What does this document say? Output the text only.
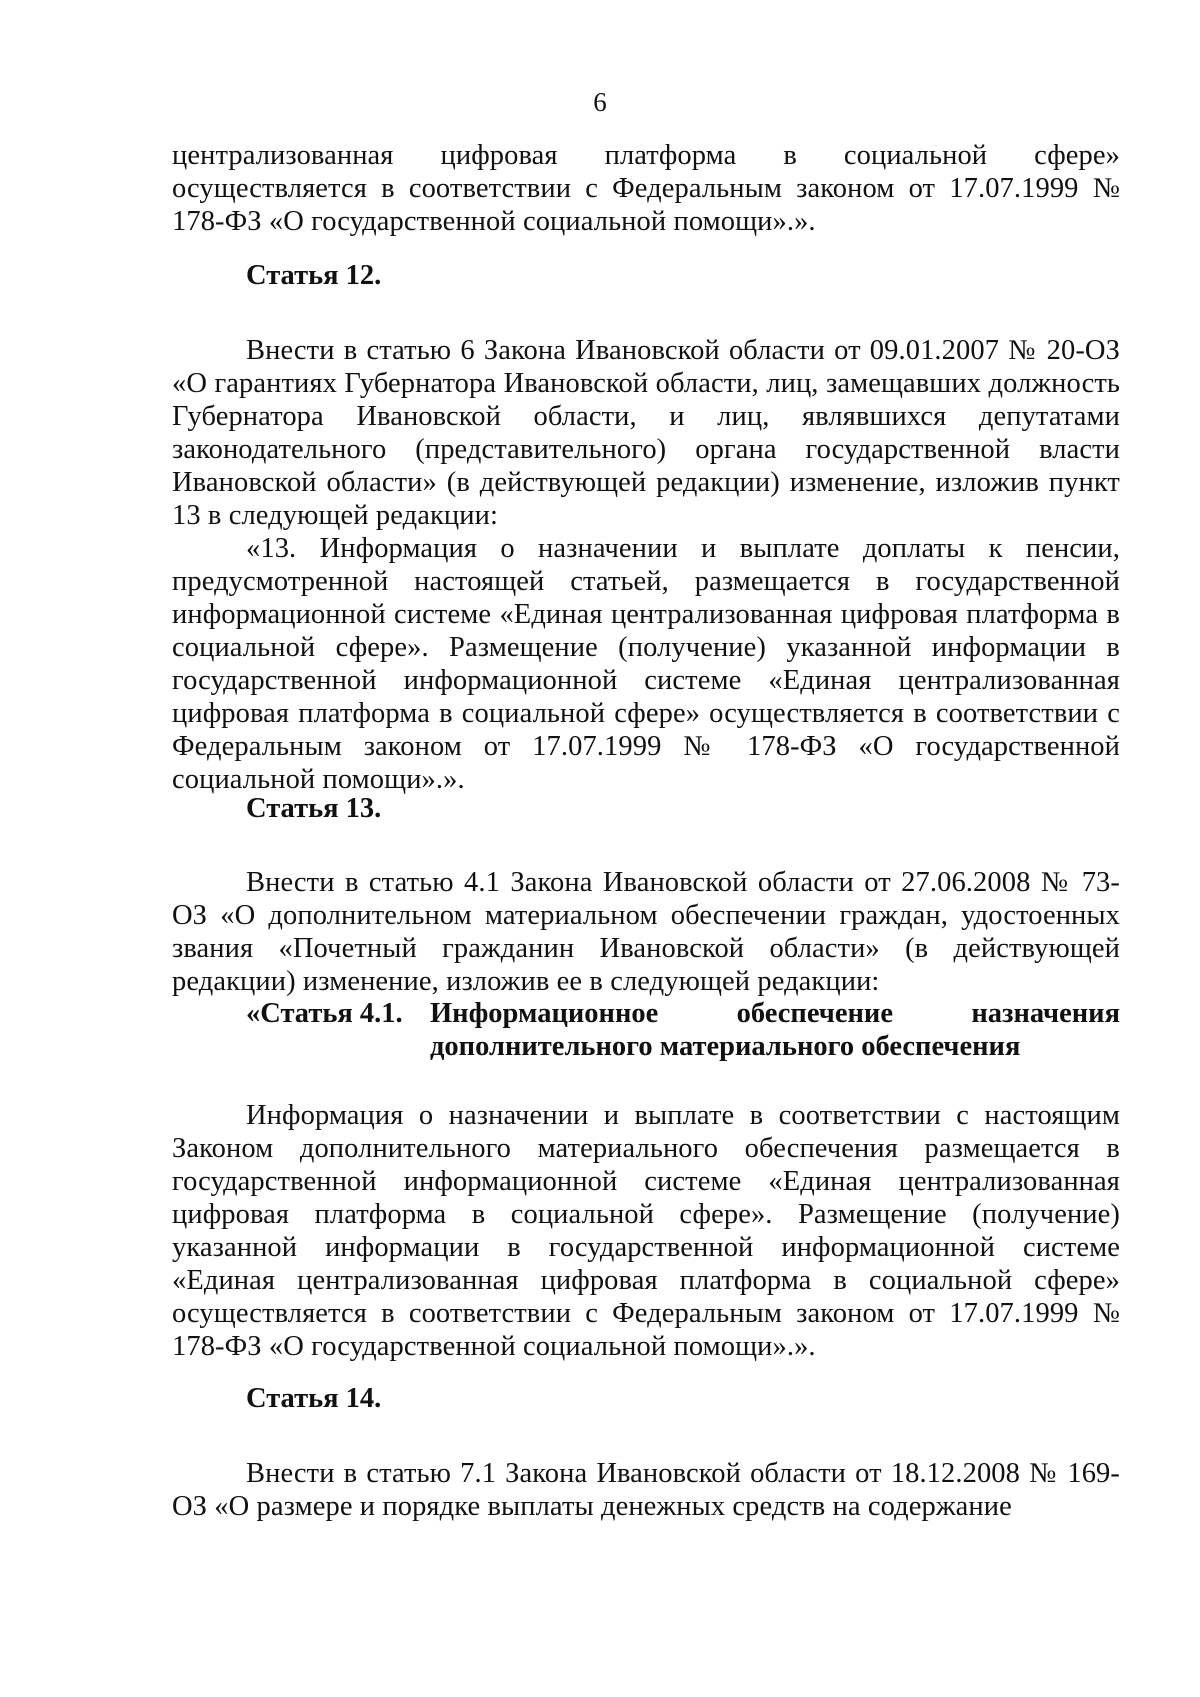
6

централизованная цифровая платформа в социальной сфере» осуществляется в соответствии с Федеральным законом от 17.07.1999 № 178-ФЗ «О государственной социальной помощи».».

Статья 12.

Внести в статью 6 Закона Ивановской области от 09.01.2007 № 20-ОЗ «О гарантиях Губернатора Ивановской области, лиц, замещавших должность Губернатора Ивановской области, и лиц, являвшихся депутатами законодательного (представительного) органа государственной власти Ивановской области» (в действующей редакции) изменение, изложив пункт 13 в следующей редакции:

«13. Информация о назначении и выплате доплаты к пенсии, предусмотренной настоящей статьей, размещается в государственной информационной системе «Единая централизованная цифровая платформа в социальной сфере». Размещение (получение) указанной информации в государственной информационной системе «Единая централизованная цифровая платформа в социальной сфере» осуществляется в соответствии с Федеральным законом от 17.07.1999 № 178-ФЗ «О государственной социальной помощи».».

Статья 13.

Внести в статью 4.1 Закона Ивановской области от 27.06.2008 № 73-ОЗ «О дополнительном материальном обеспечении граждан, удостоенных звания «Почетный гражданин Ивановской области» (в действующей редакции) изменение, изложив ее в следующей редакции:

«Статья 4.1. Информационное обеспечение назначения
дополнительного материального обеспечения

Информация о назначении и выплате в соответствии с настоящим Законом дополнительного материального обеспечения размещается в государственной информационной системе «Единая централизованная цифровая платформа в социальной сфере». Размещение (получение) указанной информации в государственной информационной системе «Единая централизованная цифровая платформа в социальной сфере» осуществляется в соответствии с Федеральным законом от 17.07.1999 № 178-ФЗ «О государственной социальной помощи».».

Статья 14.

Внести в статью 7.1 Закона Ивановской области от 18.12.2008 № 169-ОЗ «О размере и порядке выплаты денежных средств на содержание
